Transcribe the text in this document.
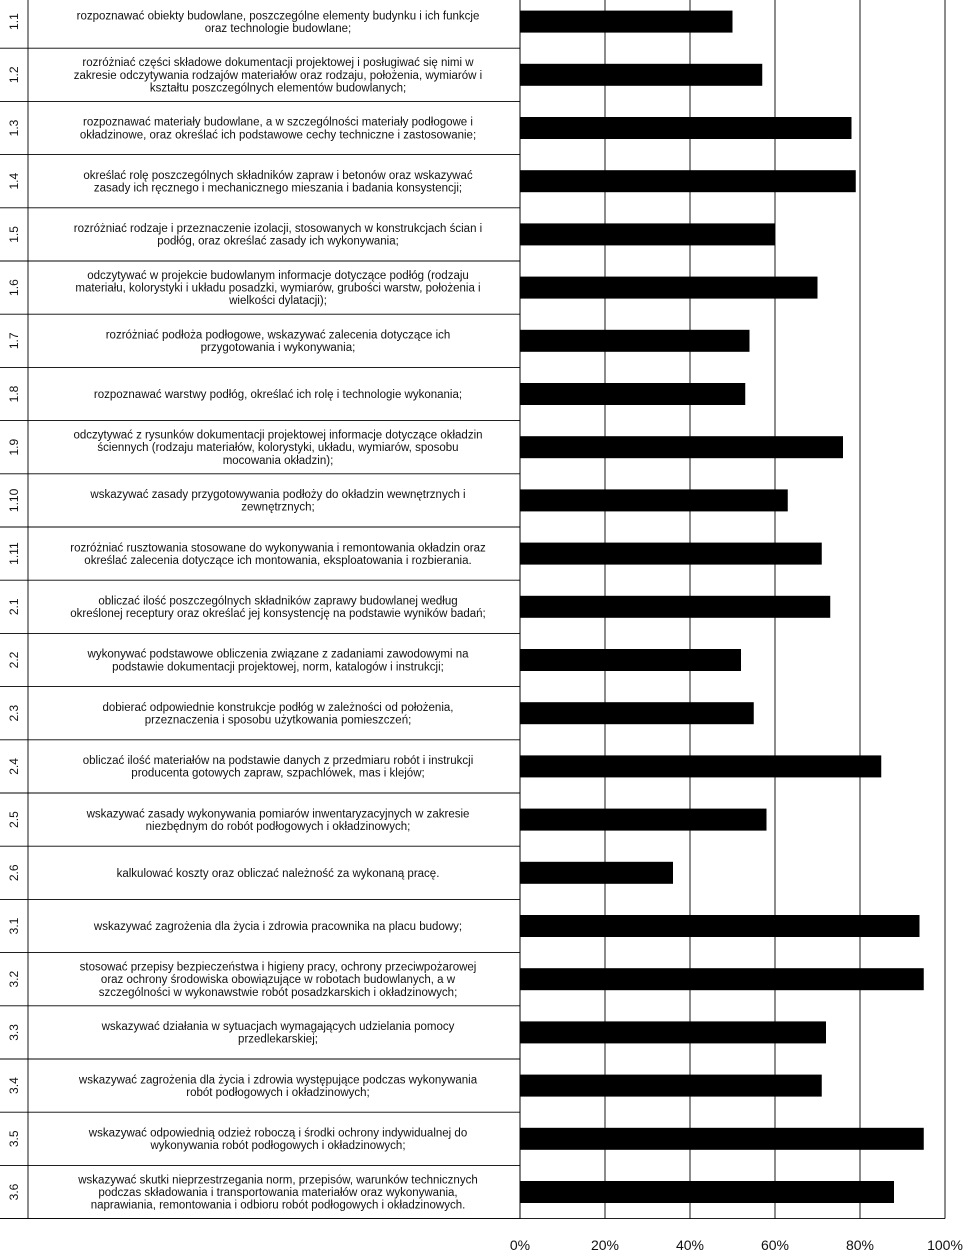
1.1	rozpoznawać obiekty budowlane, poszczególne elementy budynku i ich funkcje
oraz technologie budowlane;
1.2
rozróżniać części składowe dokumentacji projektowej i posługiwać się nimi w
zakresie odczytywania rodzajów materiałów oraz rodzaju, położenia, wymiarów i
kształtu poszczególnych elementów budowlanych;
1.3	rozpoznawać materiały budowlane, a w szczególności materiały podłogowe i
okładzinowe, oraz określać ich podstawowe cechy techniczne i zastosowanie;
1.4	określać rolę poszczególnych składników zapraw i betonów oraz wskazywać
zasady ich ręcznego i mechanicznego mieszania i badania konsystencji;
1.5	rozróżniać rodzaje i przeznaczenie izolacji, stosowanych w konstrukcjach ścian i
podłóg, oraz określać zasady ich wykonywania;
1.6
odczytywać w projekcie budowlanym informacje dotyczące podłóg (rodzaju
materiału, kolorystyki i układu posadzki, wymiarów, grubości warstw, położenia i
wielkości dylatacji);
1.7	rozróżniać podłoża podłogowe, wskazywać zalecenia dotyczące ich
przygotowania i wykonywania;
1.8	rozpoznawać warstwy podłóg, określać ich rolę i technologie wykonania;
1.9
odczytywać z rysunków dokumentacji projektowej informacje dotyczące okładzin
ściennych (rodzaju materiałów, kolorystyki, układu, wymiarów, sposobu
mocowania okładzin);
1.10	wskazywać zasady przygotowywania podłoży do okładzin wewnętrznych i
zewnętrznych;
1.11	rozróżniać rusztowania stosowane do wykonywania i remontowania okładzin oraz
określać zalecenia dotyczące ich montowania, eksploatowania i rozbierania.
2.1	obliczać ilość poszczególnych składników zaprawy budowlanej według
określonej receptury oraz określać jej konsystencję na podstawie wyników badań;
2.2	wykonywać podstawowe obliczenia związane z zadaniami zawodowymi na
podstawie dokumentacji projektowej, norm, katalogów i instrukcji;
2.3	dobierać odpowiednie konstrukcje podłóg w zależności od położenia,
przeznaczenia i sposobu użytkowania pomieszczeń;
2.4	obliczać ilość materiałów na podstawie danych z przedmiaru robót i instrukcji
producenta gotowych zapraw, szpachlówek, mas i klejów;
2.5	wskazywać zasady wykonywania pomiarów inwentaryzacyjnych w zakresie
niezbędnym do robót podłogowych i okładzinowych;
2.6	kalkulować koszty oraz obliczać należność za wykonaną pracę.
3.1	wskazywać zagrożenia dla życia i zdrowia pracownika na placu budowy;
3.2
stosować przepisy bezpieczeństwa i higieny pracy, ochrony przeciwpożarowej
oraz ochrony środowiska obowiązujące w robotach budowlanych, a w
szczególności w wykonawstwie robót posadzkarskich i okładzinowych;
3.3	wskazywać działania w sytuacjach wymagających udzielania pomocy
przedlekarskiej;
3.4	wskazywać zagrożenia dla życia i zdrowia występujące podczas wykonywania
robót podłogowych i okładzinowych;
3.5	wskazywać odpowiednią odzież roboczą i środki ochrony indywidualnej do
wykonywania robót podłogowych i okładzinowych;
3.6
wskazywać skutki nieprzestrzegania norm, przepisów, warunków technicznych
podczas składowania i transportowania materiałów oraz wykonywania,
naprawiania, remontowania i odbioru robót podłogowych i okładzinowych.
0%	20%	40%	60%	80%	100%
